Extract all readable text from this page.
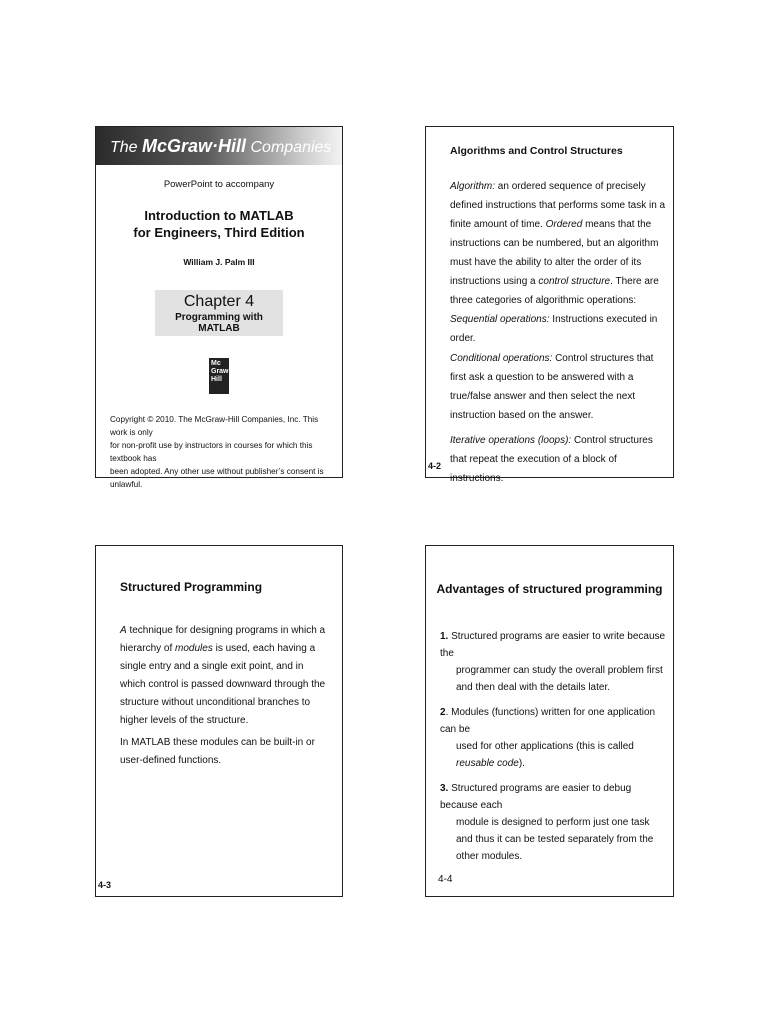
The McGraw·Hill Companies
PowerPoint to accompany
Introduction to MATLAB
for Engineers, Third Edition
William J. Palm III
Chapter 4
Programming with MATLAB
Mc
Graw
Hill
Copyright © 2010. The McGraw-Hill Companies, Inc. This work is only
for non-profit use by instructors in courses for which this textbook has
been adopted. Any other use without publisher’s consent is unlawful.
Algorithms and Control Structures
Algorithm: an ordered sequence of precisely defined instructions that performs some task in a finite amount of time. Ordered means that the instructions can be numbered, but an algorithm must have the ability to alter the order of its instructions using a control structure. There are three categories of algorithmic operations:
Sequential operations: Instructions executed in order.
Conditional operations: Control structures that first ask a question to be answered with a true/false answer and then select the next instruction based on the answer.
Iterative operations (loops): Control structures that repeat the execution of a block of instructions.
4-2
Structured Programming
A technique for designing programs in which a hierarchy of modules is used, each having a single entry and a single exit point, and in which control is passed downward through the structure without unconditional branches to higher levels of the structure.
In MATLAB these modules can be built-in or user-defined functions.
4-3
Advantages of structured programming
1. Structured programs are easier to write because the
programmer can study the overall problem first and then deal with the details later.
2. Modules (functions) written for one application can be
used for other applications (this is called reusable code).
3. Structured programs are easier to debug because each
module is designed to perform just one task and thus it can be tested separately from the other modules.
4-4
